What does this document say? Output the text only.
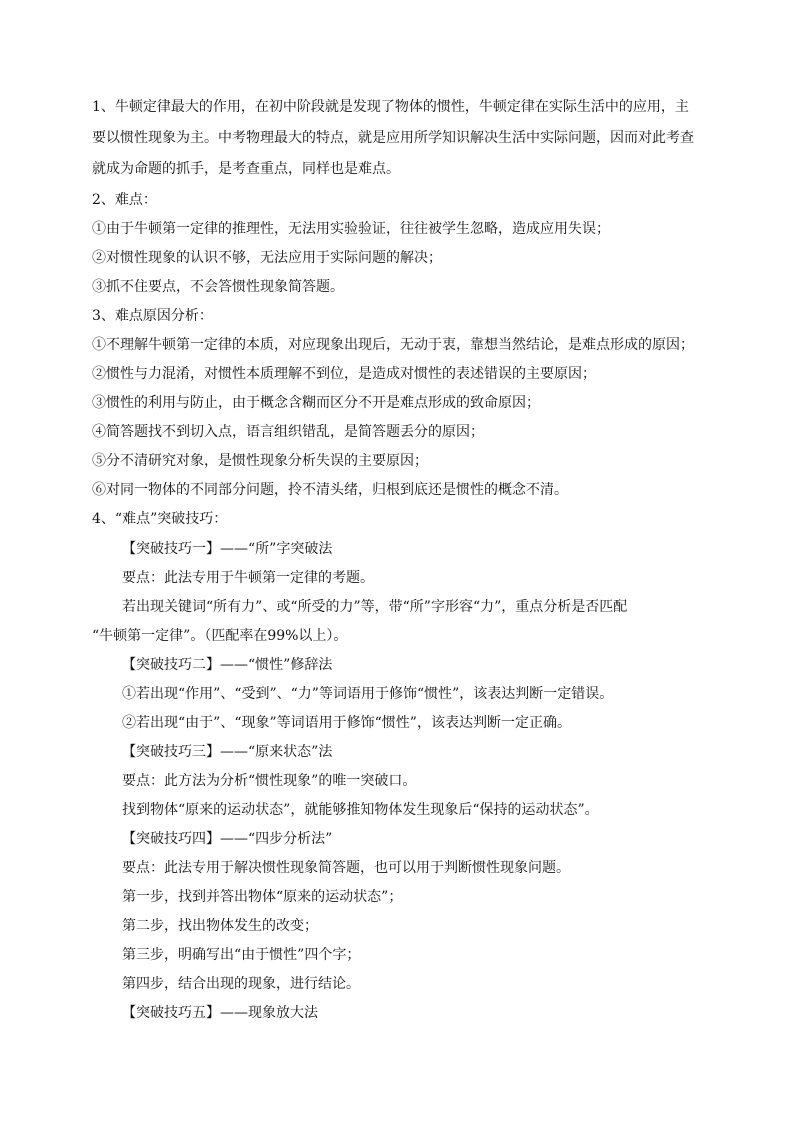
1、牛顿定律最大的作用，在初中阶段就是发现了物体的惯性，牛顿定律在实际生活中的应用，主
要以惯性现象为主。中考物理最大的特点，就是应用所学知识解决生活中实际问题，因而对此考查
就成为命题的抓手，是考查重点，同样也是难点。
2、难点：
①由于牛顿第一定律的推理性，无法用实验验证，往往被学生忽略，造成应用失误；
②对惯性现象的认识不够，无法应用于实际问题的解决；
③抓不住要点，不会答惯性现象简答题。
3、难点原因分析：
①不理解牛顿第一定律的本质，对应现象出现后，无动于衷，靠想当然结论，是难点形成的原因；
②惯性与力混淆，对惯性本质理解不到位，是造成对惯性的表述错误的主要原因；
③惯性的利用与防止，由于概念含糊而区分不开是难点形成的致命原因；
④简答题找不到切入点，语言组织错乱，是简答题丢分的原因；
⑤分不清研究对象，是惯性现象分析失误的主要原因；
⑥对同一物体的不同部分问题，拎不清头绪，归根到底还是惯性的概念不清。
4、“难点”突破技巧：
【突破技巧一】——“所”字突破法
要点：此法专用于牛顿第一定律的考题。
若出现关键词“所有力”、或“所受的力”等，带“所”字形容“力”，重点分析是否匹配
“牛顿第一定律”。（匹配率在99%以上）。
【突破技巧二】——“惯性”修辞法
①若出现“作用”、“受到”、“力”等词语用于修饰“惯性”，该表达判断一定错误。
②若出现“由于”、“现象”等词语用于修饰“惯性”，该表达判断一定正确。
【突破技巧三】——“原来状态”法
要点：此方法为分析“惯性现象”的唯一突破口。
找到物体“原来的运动状态”，就能够推知物体发生现象后“保持的运动状态”。
【突破技巧四】——“四步分析法”
要点：此法专用于解决惯性现象简答题，也可以用于判断惯性现象问题。
第一步，找到并答出物体“原来的运动状态”；
第二步，找出物体发生的改变；
第三步，明确写出“由于惯性”四个字；
第四步，结合出现的现象，进行结论。
【突破技巧五】——现象放大法
